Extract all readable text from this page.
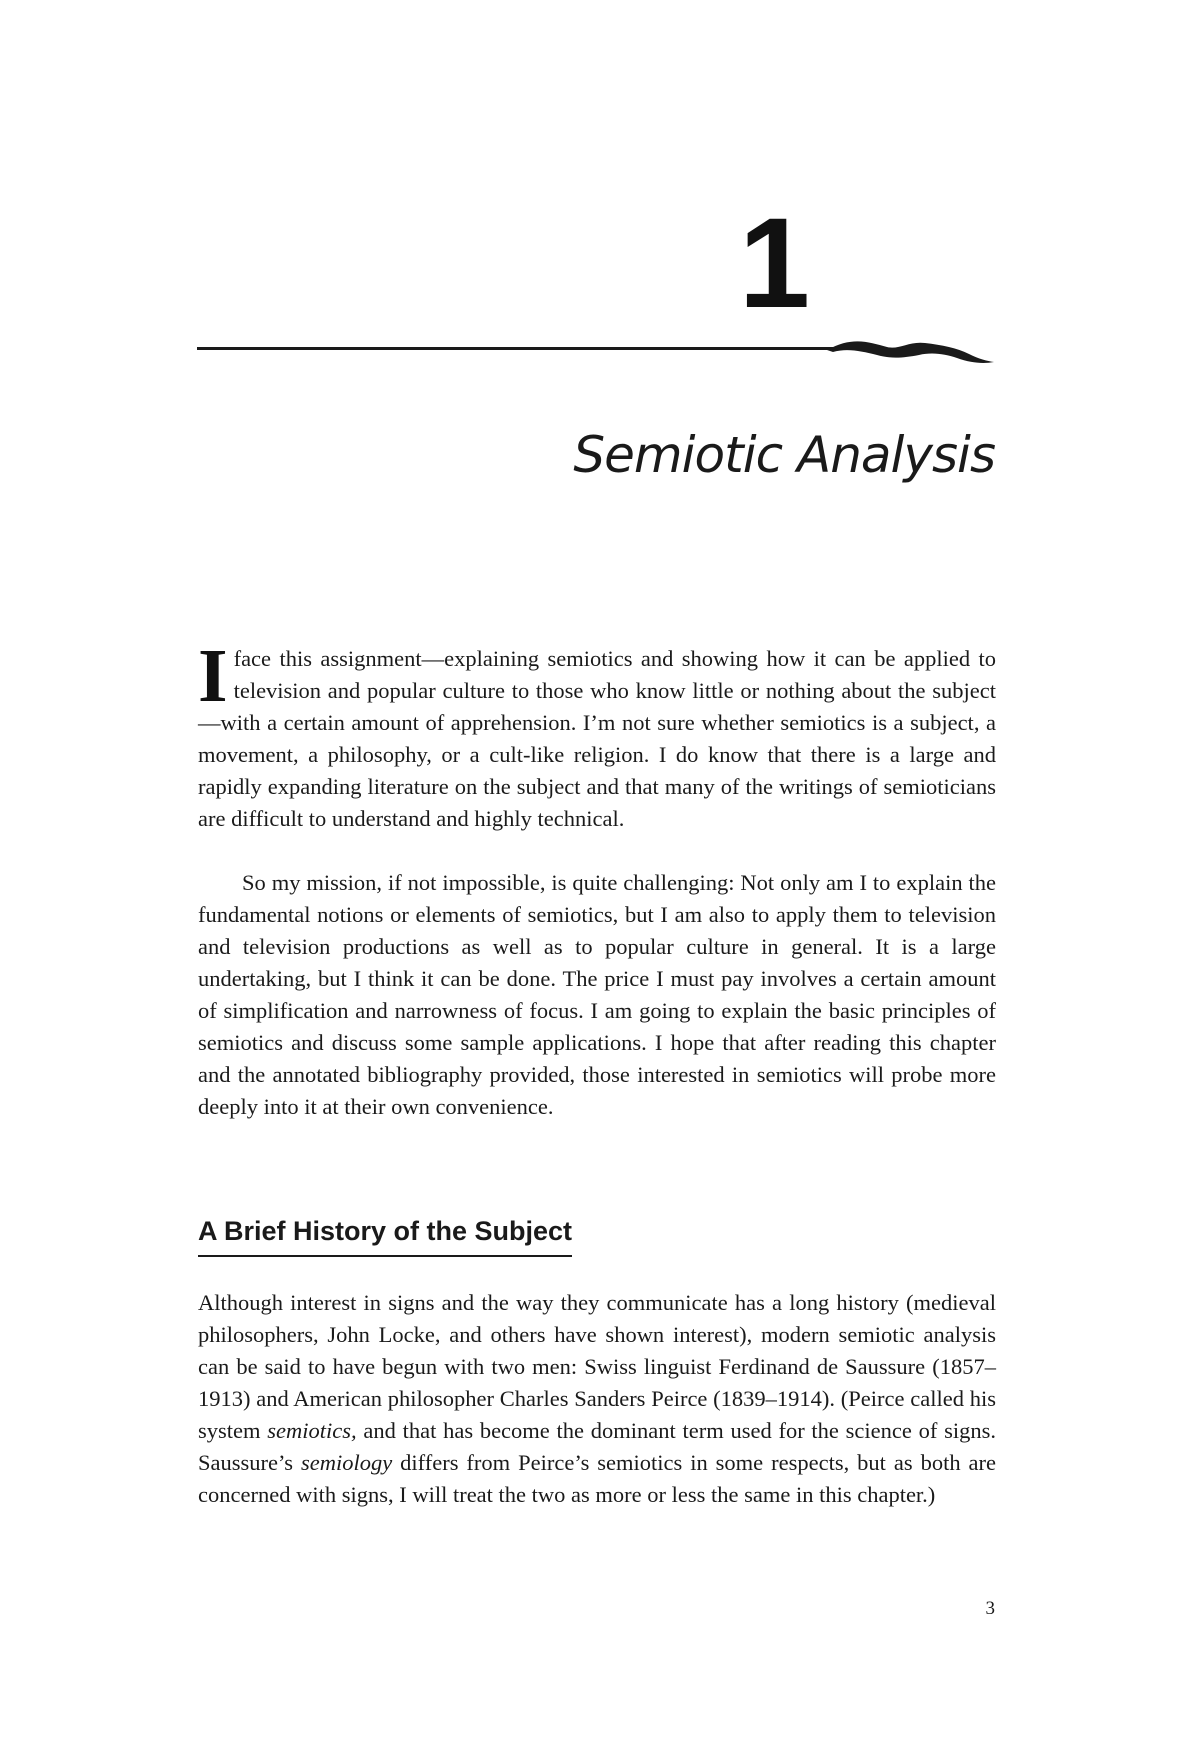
1
Semiotic Analysis

I face this assignment—explaining semiotics and showing how it can be applied to television and popular culture to those who know little or nothing about the subject—with a certain amount of apprehension. I’m not sure whether semiotics is a subject, a movement, a philosophy, or a cult-like religion. I do know that there is a large and rapidly expanding literature on the subject and that many of the writings of semioticians are difficult to understand and highly technical.

So my mission, if not impossible, is quite challenging: Not only am I to explain the fundamental notions or elements of semiotics, but I am also to apply them to television and television productions as well as to popular culture in general. It is a large undertaking, but I think it can be done. The price I must pay involves a certain amount of simplification and narrowness of focus. I am going to explain the basic principles of semiotics and discuss some sample applications. I hope that after reading this chapter and the annotated bibliography provided, those interested in semiotics will probe more deeply into it at their own convenience.

A Brief History of the Subject

Although interest in signs and the way they communicate has a long history (medieval philosophers, John Locke, and others have shown interest), modern semiotic analysis can be said to have begun with two men: Swiss linguist Ferdinand de Saussure (1857–1913) and American philosopher Charles Sanders Peirce (1839–1914). (Peirce called his system semiotics, and that has become the dominant term used for the science of signs. Saussure’s semiology differs from Peirce’s semiotics in some respects, but as both are concerned with signs, I will treat the two as more or less the same in this chapter.)

3
